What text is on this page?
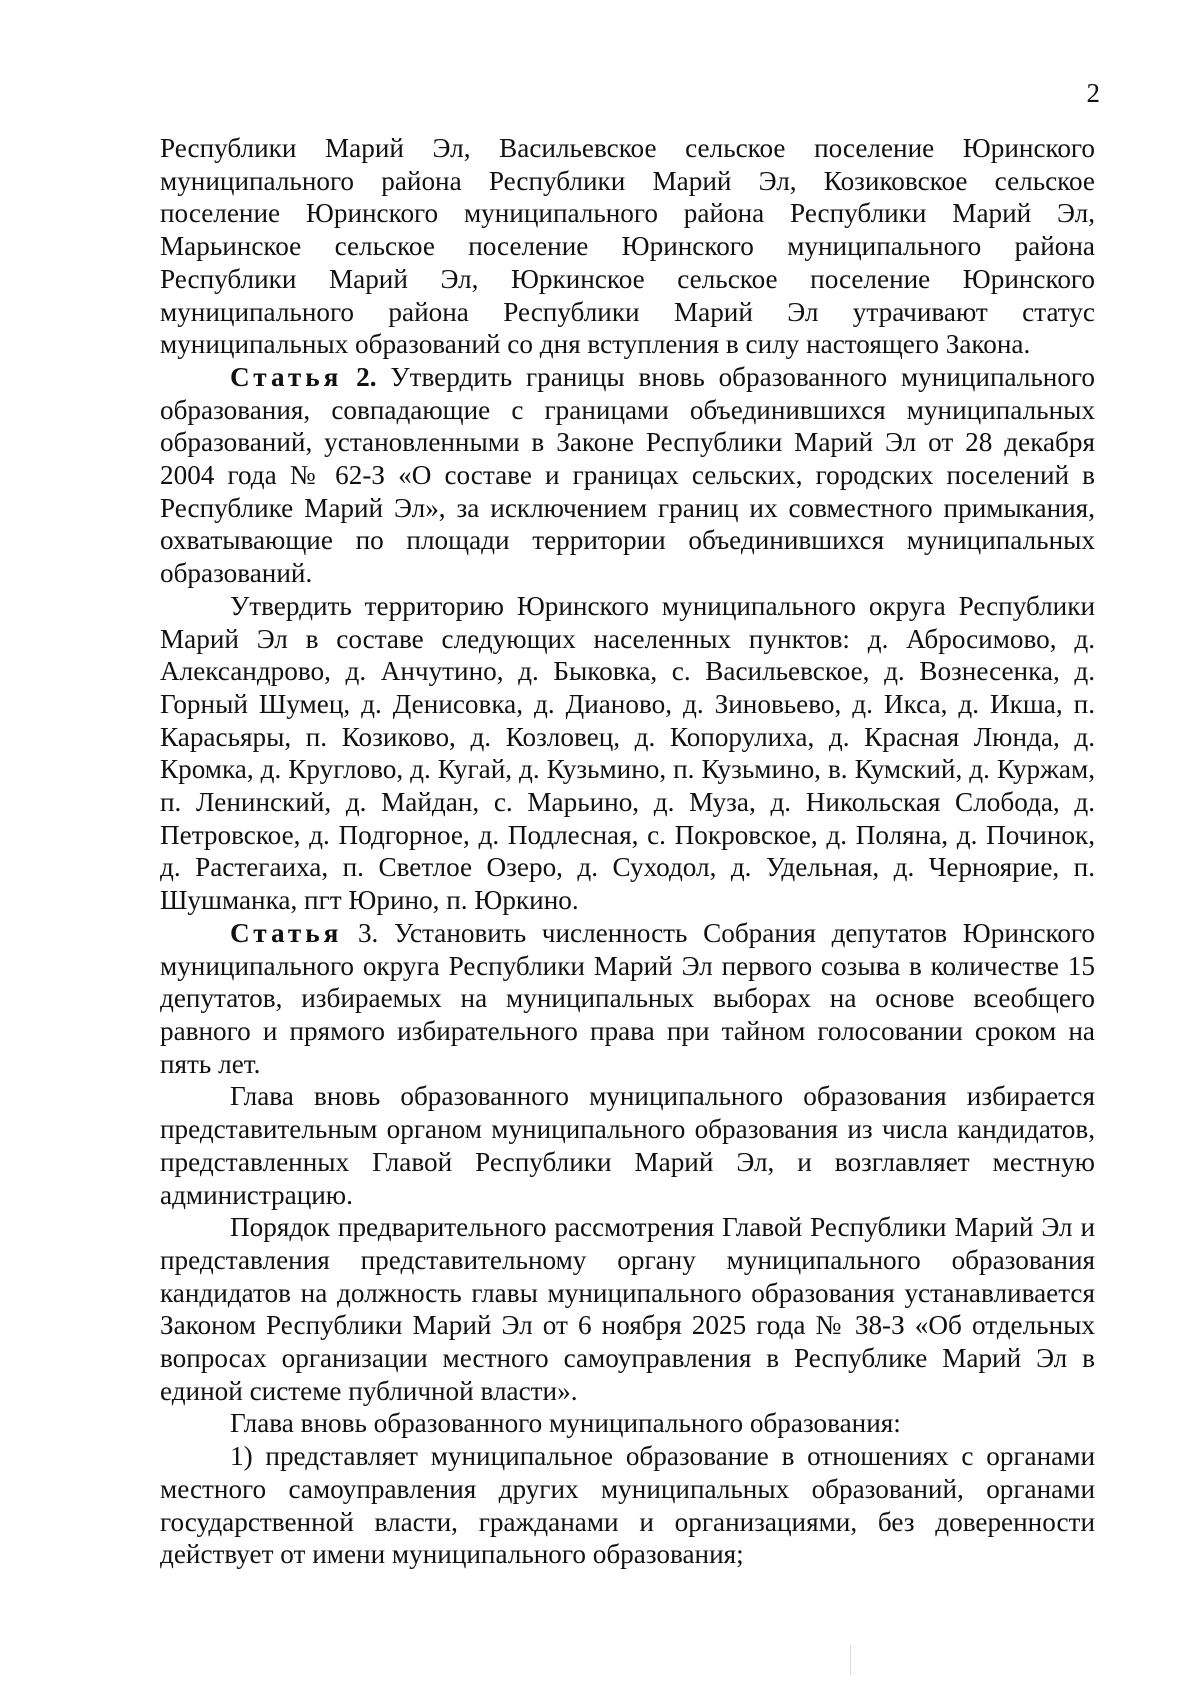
2

Республики Марий Эл, Васильевское сельское поселение Юринского муниципального района Республики Марий Эл, Козиковское сельское поселение Юринского муниципального района Республики Марий Эл, Марьинское сельское поселение Юринского муниципального района Республики Марий Эл, Юркинское сельское поселение Юринского муниципального района Республики Марий Эл утрачивают статус муниципальных образований со дня вступления в силу настоящего Закона.

Статья 2. Утвердить границы вновь образованного муниципального образования, совпадающие с границами объединившихся муниципальных образований, установленными в Законе Республики Марий Эл от 28 декабря 2004 года № 62-З «О составе и границах сельских, городских поселений в Республике Марий Эл», за исключением границ их совместного примыкания, охватывающие по площади территории объединившихся муниципальных образований.

Утвердить территорию Юринского муниципального округа Республики Марий Эл в составе следующих населенных пунктов: д. Абросимово, д. Александрово, д. Анчутино, д. Быковка, с. Васильевское, д. Вознесенка, д. Горный Шумец, д. Денисовка, д. Дианово, д. Зиновьево, д. Икса, д. Икша, п. Карасьяры, п. Козиково, д. Козловец, д. Копорулиха, д. Красная Люнда, д. Кромка, д. Круглово, д. Кугай, д. Кузьмино, п. Кузьмино, в. Кумский, д. Куржам, п. Ленинский, д. Майдан, с. Марьино, д. Муза, д. Никольская Слобода, д. Петровское, д. Подгорное, д. Подлесная, с. Покровское, д. Поляна, д. Починок, д. Растегаиха, п. Светлое Озеро, д. Суходол, д. Удельная, д. Черноярие, п. Шушманка, пгт Юрино, п. Юркино.

Статья 3. Установить численность Собрания депутатов Юринского муниципального округа Республики Марий Эл первого созыва в количестве 15 депутатов, избираемых на муниципальных выборах на основе всеобщего равного и прямого избирательного права при тайном голосовании сроком на пять лет.

Глава вновь образованного муниципального образования избирается представительным органом муниципального образования из числа кандидатов, представленных Главой Республики Марий Эл, и возглавляет местную администрацию.

Порядок предварительного рассмотрения Главой Республики Марий Эл и представления представительному органу муниципального образования кандидатов на должность главы муниципального образования устанавливается Законом Республики Марий Эл от 6 ноября 2025 года № 38-З «Об отдельных вопросах организации местного самоуправления в Республике Марий Эл в единой системе публичной власти».

Глава вновь образованного муниципального образования:

1) представляет муниципальное образование в отношениях с органами местного самоуправления других муниципальных образований, органами государственной власти, гражданами и организациями, без доверенности действует от имени муниципального образования;
